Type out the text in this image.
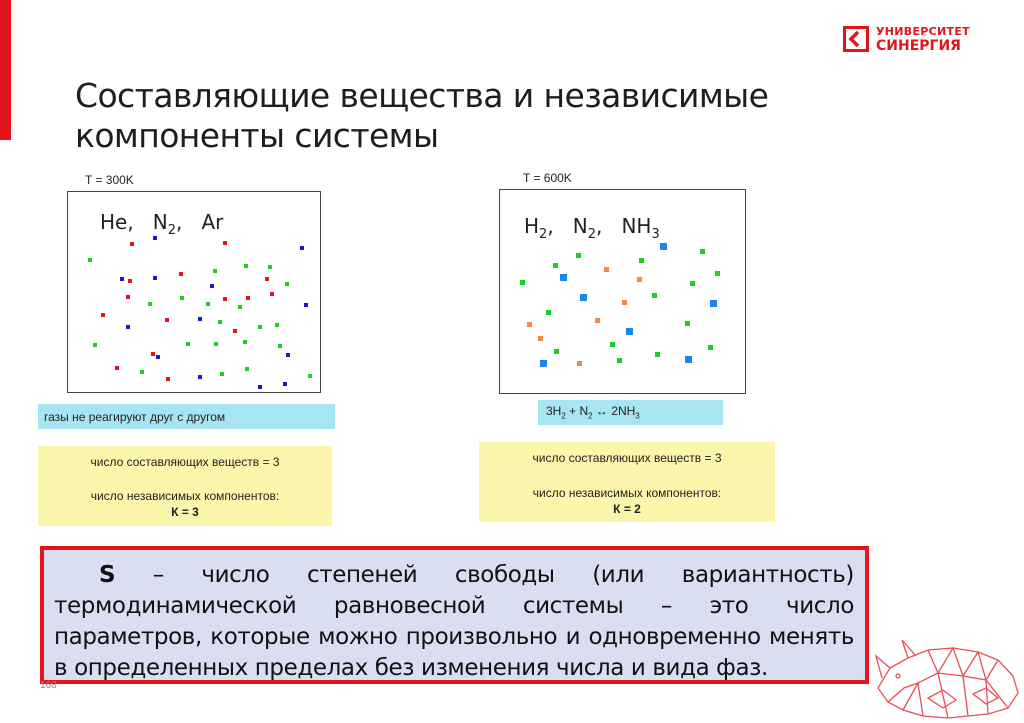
УНИВЕРСИТЕТ
СИНЕРГИЯ
Составляющие вещества и независимые компоненты системы
T = 300K
He,   $N_2$,   Ar
газы не реагируют друг с другом
число составляющих веществ = 3
число независимых компонентов:
К = 3
T = 600K
$H_2$,   $N_2$,   $NH_3$
$3H_2 + N_2$ ↔ $2NH_3$
число составляющих веществ = 3
число независимых компонентов:
К = 2
S – число степеней свободы (или вариантность)
термодинамической равновесной системы – это число
параметров, которые можно произвольно и одновременно менять
в определенных пределах без изменения числа и вида фаз.
168
